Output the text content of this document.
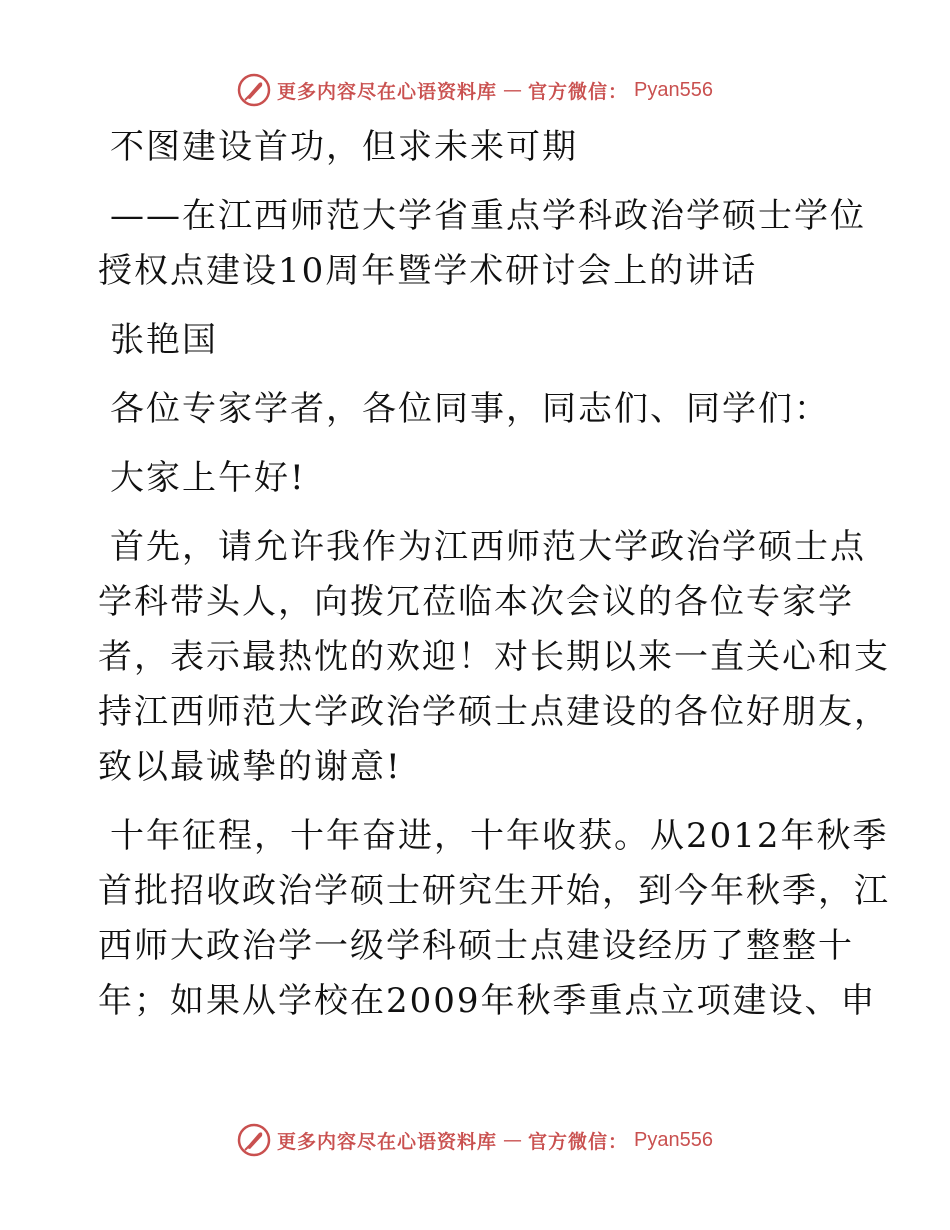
更多内容尽在心语资料库 — 官方微信： Pyan556
不图建设首功，但求未来可期
——在江西师范大学省重点学科政治学硕士学位
授权点建设10周年暨学术研讨会上的讲话
张艳国
各位专家学者，各位同事，同志们、同学们：
大家上午好!
首先，请允许我作为江西师范大学政治学硕士点
学科带头人，向拨冗莅临本次会议的各位专家学
者，表示最热忱的欢迎！对长期以来一直关心和支
持江西师范大学政治学硕士点建设的各位好朋友，
致以最诚挚的谢意!
十年征程，十年奋进，十年收获。从2012年秋季
首批招收政治学硕士研究生开始，到今年秋季，江
西师大政治学一级学科硕士点建设经历了整整十
年；如果从学校在2009年秋季重点立项建设、申
更多内容尽在心语资料库 — 官方微信： Pyan556
